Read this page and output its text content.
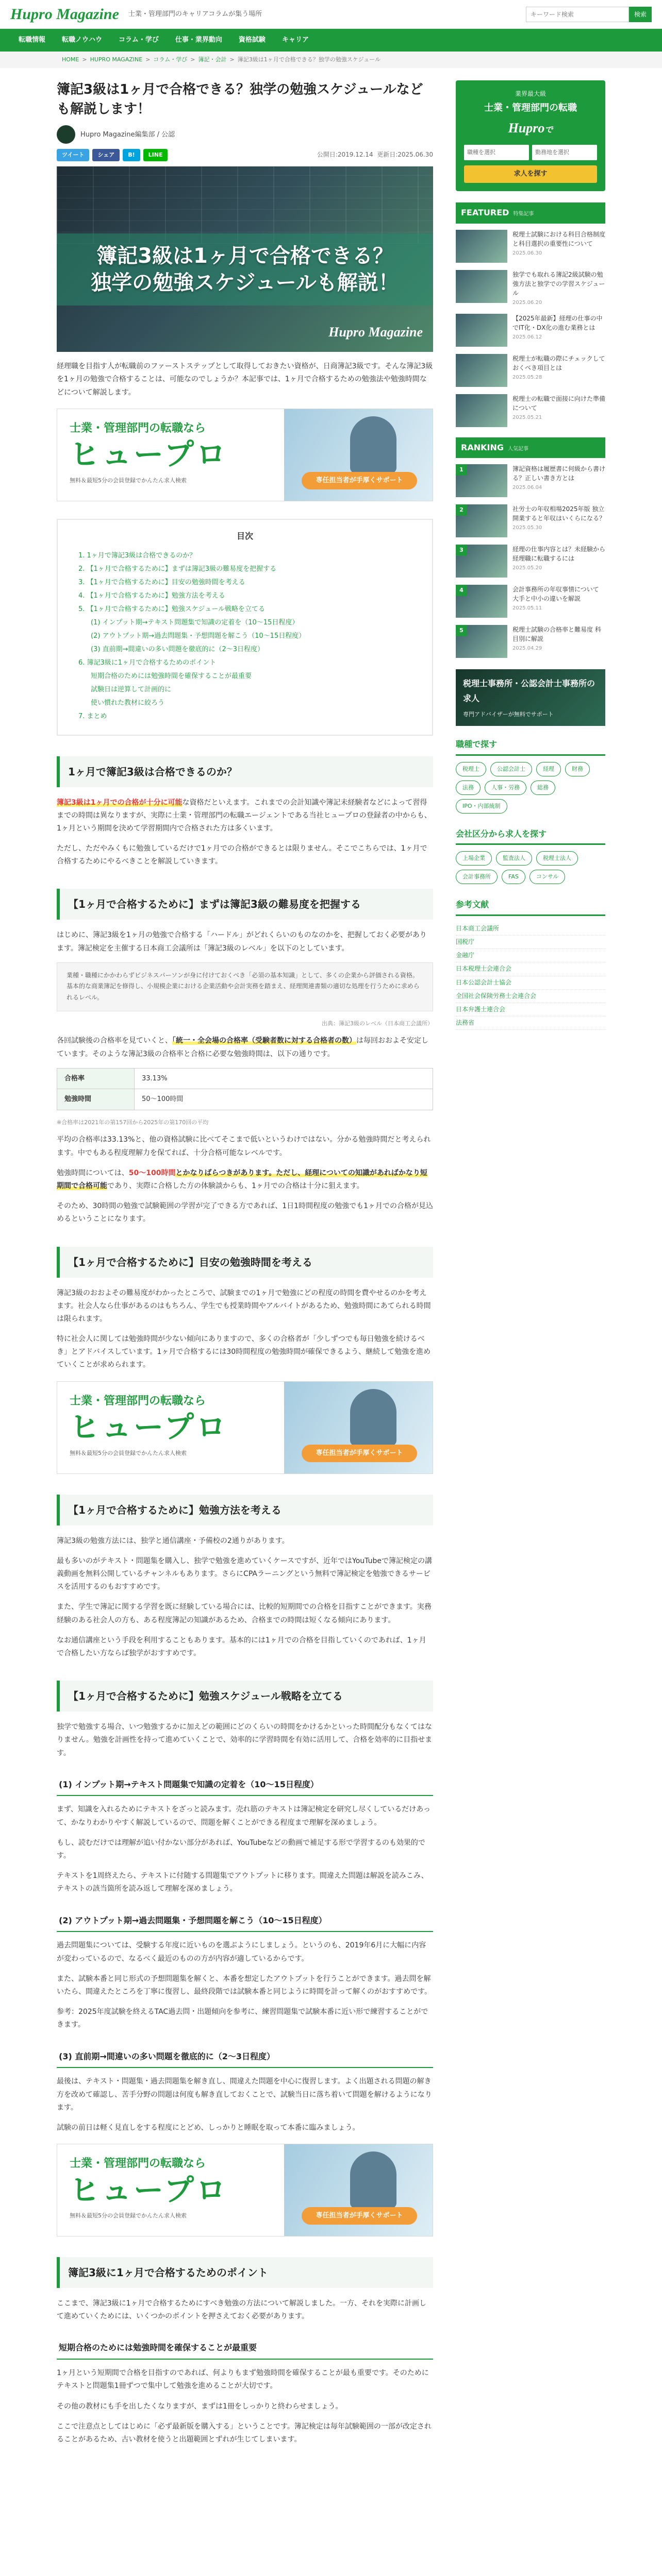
Hupro Magazine 士業・管理部門のキャリアコラムが集う場所
キーワード検索	検索
転職情報	転職ノウハウ	コラム・学び	仕事・業界動向	資格試験	キャリア
HOME > HUPRO MAGAZINE > コラム・学び > 簿記・会計 > 簿記3級は1ヶ月で合格できる？独学の勉強スケジュール
簿記3級は1ヶ月で合格できる？独学の勉強スケジュールなども解説します！
Hupro Magazine編集部 / 公認
ツイート	シェア	B!	LINE	公開日:2019.12.14 更新日:2025.06.30

簿記3級は1ヶ月で合格できる？

独学の勉強スケジュールも解説！

Hupro Magazine

経理職を目指す人が転職前のファーストステップとして取得しておきたい資格が、日商簿記3級です。そんな簿記3級を1ヶ月の勉強で合格することは、可能なのでしょうか？本記事では、1ヶ月で合格するための勉強法や勉強時間などについて解説します。

士業・管理部門の転職なら
ヒュープロ
無料＆最短5分の会員登録でかんたん求人検索	専任担当者が手厚くサポート
目次
1. 1ヶ月で簿記3級は合格できるのか？
2. 【1ヶ月で合格するために】まずは簿記3級の難易度を把握する
3. 【1ヶ月で合格するために】目安の勉強時間を考える
4. 【1ヶ月で合格するために】勉強方法を考える
5. 【1ヶ月で合格するために】勉強スケジュール戦略を立てる
(1) インプット期→テキスト問題集で知識の定着を（10〜15日程度）
(2) アウトプット期→過去問題集・予想問題を解こう（10〜15日程度）
(3) 直前期→間違いの多い問題を徹底的に（2〜3日程度）
6. 簿記3級に1ヶ月で合格するためのポイント
短期合格のためには勉強時間を確保することが最重要
試験日は逆算して計画的に
使い慣れた教材に絞ろう
7. まとめ
1ヶ月で簿記3級は合格できるのか？

簿記3級は1ヶ月での合格が十分に可能な資格だといえます。これまでの会計知識や簿記未経験者などによって習得までの時間は異なりますが、実際に士業・管理部門の転職エージェントである当社ヒュープロの登録者の中からも、1ヶ月という期間を決めて学習期間内で合格された方は多くいます。

ただし、ただやみくもに勉強しているだけで1ヶ月での合格ができるとは限りません。そこでこちらでは、1ヶ月で合格するためにやるべきことを解説していきます。

【1ヶ月で合格するために】まずは簿記3級の難易度を把握する

はじめに、簿記3級を1ヶ月の勉強で合格する「ハードル」がどれくらいのものなのかを、把握しておく必要があります。簿記検定を主催する日本商工会議所は「簿記3級のレベル」を以下のとしています。

業種・職種にかかわらずビジネスパーソンが身に付けておくべき「必須の基本知識」として、多くの企業から評価される資格。基本的な商業簿記を修得し、小規模企業における企業活動や会計実務を踏まえ、経理関連書類の適切な処理を行うために求められるレベル。
出典：簿記3級のレベル（日本商工会議所）

各回試験後の合格率を見ていくと、「統一・全会場の合格率（受験者数に対する合格者の数）は毎回おおよそ安定しています。そのような簿記3級の合格率と合格に必要な勉強時間は、以下の通りです。

合格率	33.13%
勉強時間	50〜100時間

※合格率は2021年の第157回から2025年の第170回の平均

平均の合格率は33.13%と、他の資格試験に比べてそこまで低いというわけではない。分かる勉強時間だと考えられます。中でもある程度理解力を保てれば、十分合格可能なレベルです。

勉強時間については、50〜100時間とかなりばらつきがあります。ただし、経理についての知識があればかなり短期間で合格可能であり、実際に合格した方の体験談からも、1ヶ月での合格は十分に狙えます。

そのため、30時間の勉強で試験範囲の学習が完了できる方であれば、1日1時間程度の勉強でも1ヶ月での合格が見込めるということになります。

【1ヶ月で合格するために】目安の勉強時間を考える

簿記3級のおおよその難易度がわかったところで、試験までの1ヶ月で勉強にどの程度の時間を費やせるのかを考えます。社会人なら仕事があるのはもちろん、学生でも授業時間やアルバイトがあるため、勉強時間にあてられる時間は限られます。

特に社会人に関しては勉強時間が少ない傾向にありますので、多くの合格者が「少しずつでも毎日勉強を続けるべき」とアドバイスしています。1ヶ月で合格するには30時間程度の勉強時間が確保できるよう、継続して勉強を進めていくことが求められます。

士業・管理部門の転職なら
ヒュープロ
無料＆最短5分の会員登録でかんたん求人検索	専任担当者が手厚くサポート
【1ヶ月で合格するために】勉強方法を考える

簿記3級の勉強方法には、独学と通信講座・予備校の2通りがあります。

最も多いのがテキスト・問題集を購入し、独学で勉強を進めていくケースですが、近年ではYouTubeで簿記検定の講義動画を無料公開しているチャンネルもあります。さらにCPAラーニングという無料で簿記検定を勉強できるサービスを活用するのもおすすめです。

また、学生で簿記に関する学習を既に経験している場合には、比較的短期間での合格を目指すことができます。実務経験のある社会人の方も、ある程度簿記の知識があるため、合格までの時間は短くなる傾向にあります。

なお通信講座という手段を利用することもあります。基本的には1ヶ月での合格を目指していくのであれば、1ヶ月で合格したい方ならば独学がおすすめです。

【1ヶ月で合格するために】勉強スケジュール戦略を立てる

独学で勉強する場合、いつ勉強するかに加えどの範囲にどのくらいの時間をかけるかといった時間配分もなくてはなりません。勉強を計画性を持って進めていくことで、効率的に学習時間を有効に活用して、合格を効率的に目指せます。

(1) インプット期→テキスト問題集で知識の定着を（10〜15日程度）

まず、知識を入れるためにテキストをざっと読みます。売れ筋のテキストは簿記検定を研究し尽くしているだけあって、かなりわかりやすく解説しているので、問題を解くことができる程度まで理解を深めましょう。

もし、読むだけでは理解が追い付かない部分があれば、YouTubeなどの動画で補足する形で学習するのも効果的です。

テキストを1周終えたら、テキストに付随する問題集でアウトプットに移ります。間違えた問題は解説を読みこみ、テキストの該当箇所を読み返して理解を深めましょう。

(2) アウトプット期→過去問題集・予想問題を解こう（10〜15日程度）

過去問題集については、受験する年度に近いものを選ぶようにしましょう。というのも、2019年6月に大幅に内容が変わっているので、なるべく最近のものの方が内容が適しているからです。

また、試験本番と同じ形式の予想問題集を解くと、本番を想定したアウトプットを行うことができます。過去問を解いたら、間違えたところを丁寧に復習し、最終段階では試験本番と同じように時間を計って解くのがおすすめです。

参考：2025年度試験を終えるTAC過去問・出題傾向を参考に、練習問題集で試験本番に近い形で練習することができます。

(3) 直前期→間違いの多い問題を徹底的に（2〜3日程度）

最後は、テキスト・問題集・過去問題集を解き直し、間違えた問題を中心に復習します。よく出題される問題の解き方を改めて確認し、苦手分野の問題は何度も解き直しておくことで、試験当日に落ち着いて問題を解けるようになります。

試験の前日は軽く見直しをする程度にとどめ、しっかりと睡眠を取って本番に臨みましょう。

士業・管理部門の転職なら
ヒュープロ
無料＆最短5分の会員登録でかんたん求人検索	専任担当者が手厚くサポート
簿記3級に1ヶ月で合格するためのポイント

ここまで、簿記3級に1ヶ月で合格するためにすべき勉強の方法について解説しました。一方、それを実際に計画して進めていくためには、いくつかのポイントを押さえておく必要があります。

短期合格のためには勉強時間を確保することが最重要

1ヶ月という短期間で合格を目指すのであれば、何よりもまず勉強時間を確保することが最も重要です。そのためにテキストと問題集1冊ずつで集中して勉強を進めることが大切です。

その他の教材にも手を出したくなりますが、まずは1冊をしっかりと終わらせましょう。

ここで注意点としてはじめに「必ず最新版を購入する」ということです。簿記検定は毎年試験範囲の一部が改定されることがあるため、古い教材を使うと出題範囲とずれが生じてしまいます。

業界最大級
士業・管理部門の転職
Huproで
職種を選択	勤務地を選択
求人を探す
FEATURED 特集記事
税理士試験における科目合格制度と科目選択の重要性について
2025.06.30
独学でも取れる簿記2級試験の勉強方法と独学での学習スケジュール
2025.06.20
【2025年最新】経理の仕事の中でIT化・DX化の進む業務とは
2025.06.12
税理士が転職の際にチェックしておくべき項目とは
2025.05.28
税理士の転職で面接に向けた準備について
2025.05.21
RANKING 人気記事
1	簿記資格は履歴書に何級から書ける？正しい書き方とは
2025.06.04
2	社労士の年収相場2025年版 独立開業すると年収はいくらになる？
2025.05.30
3	経理の仕事内容とは？未経験から経理職に転職するには
2025.05.20
4	会計事務所の年収事情について 大手と中小の違いを解説
2025.05.11
5	税理士試験の合格率と難易度 科目別に解説
2025.04.29
税理士事務所・公認会計士事務所の求人
専門アドバイザーが無料でサポート
職種で探す
税理士	公認会計士	経理	財務
法務	人事・労務	総務
IPO・内部統制
会社区分から求人を探す
上場企業	監査法人	税理士法人
会計事務所	FAS	コンサル
参考文献
日本商工会議所
国税庁
金融庁
日本税理士会連合会
日本公認会計士協会
全国社会保険労務士会連合会
日本弁護士連合会
法務省
